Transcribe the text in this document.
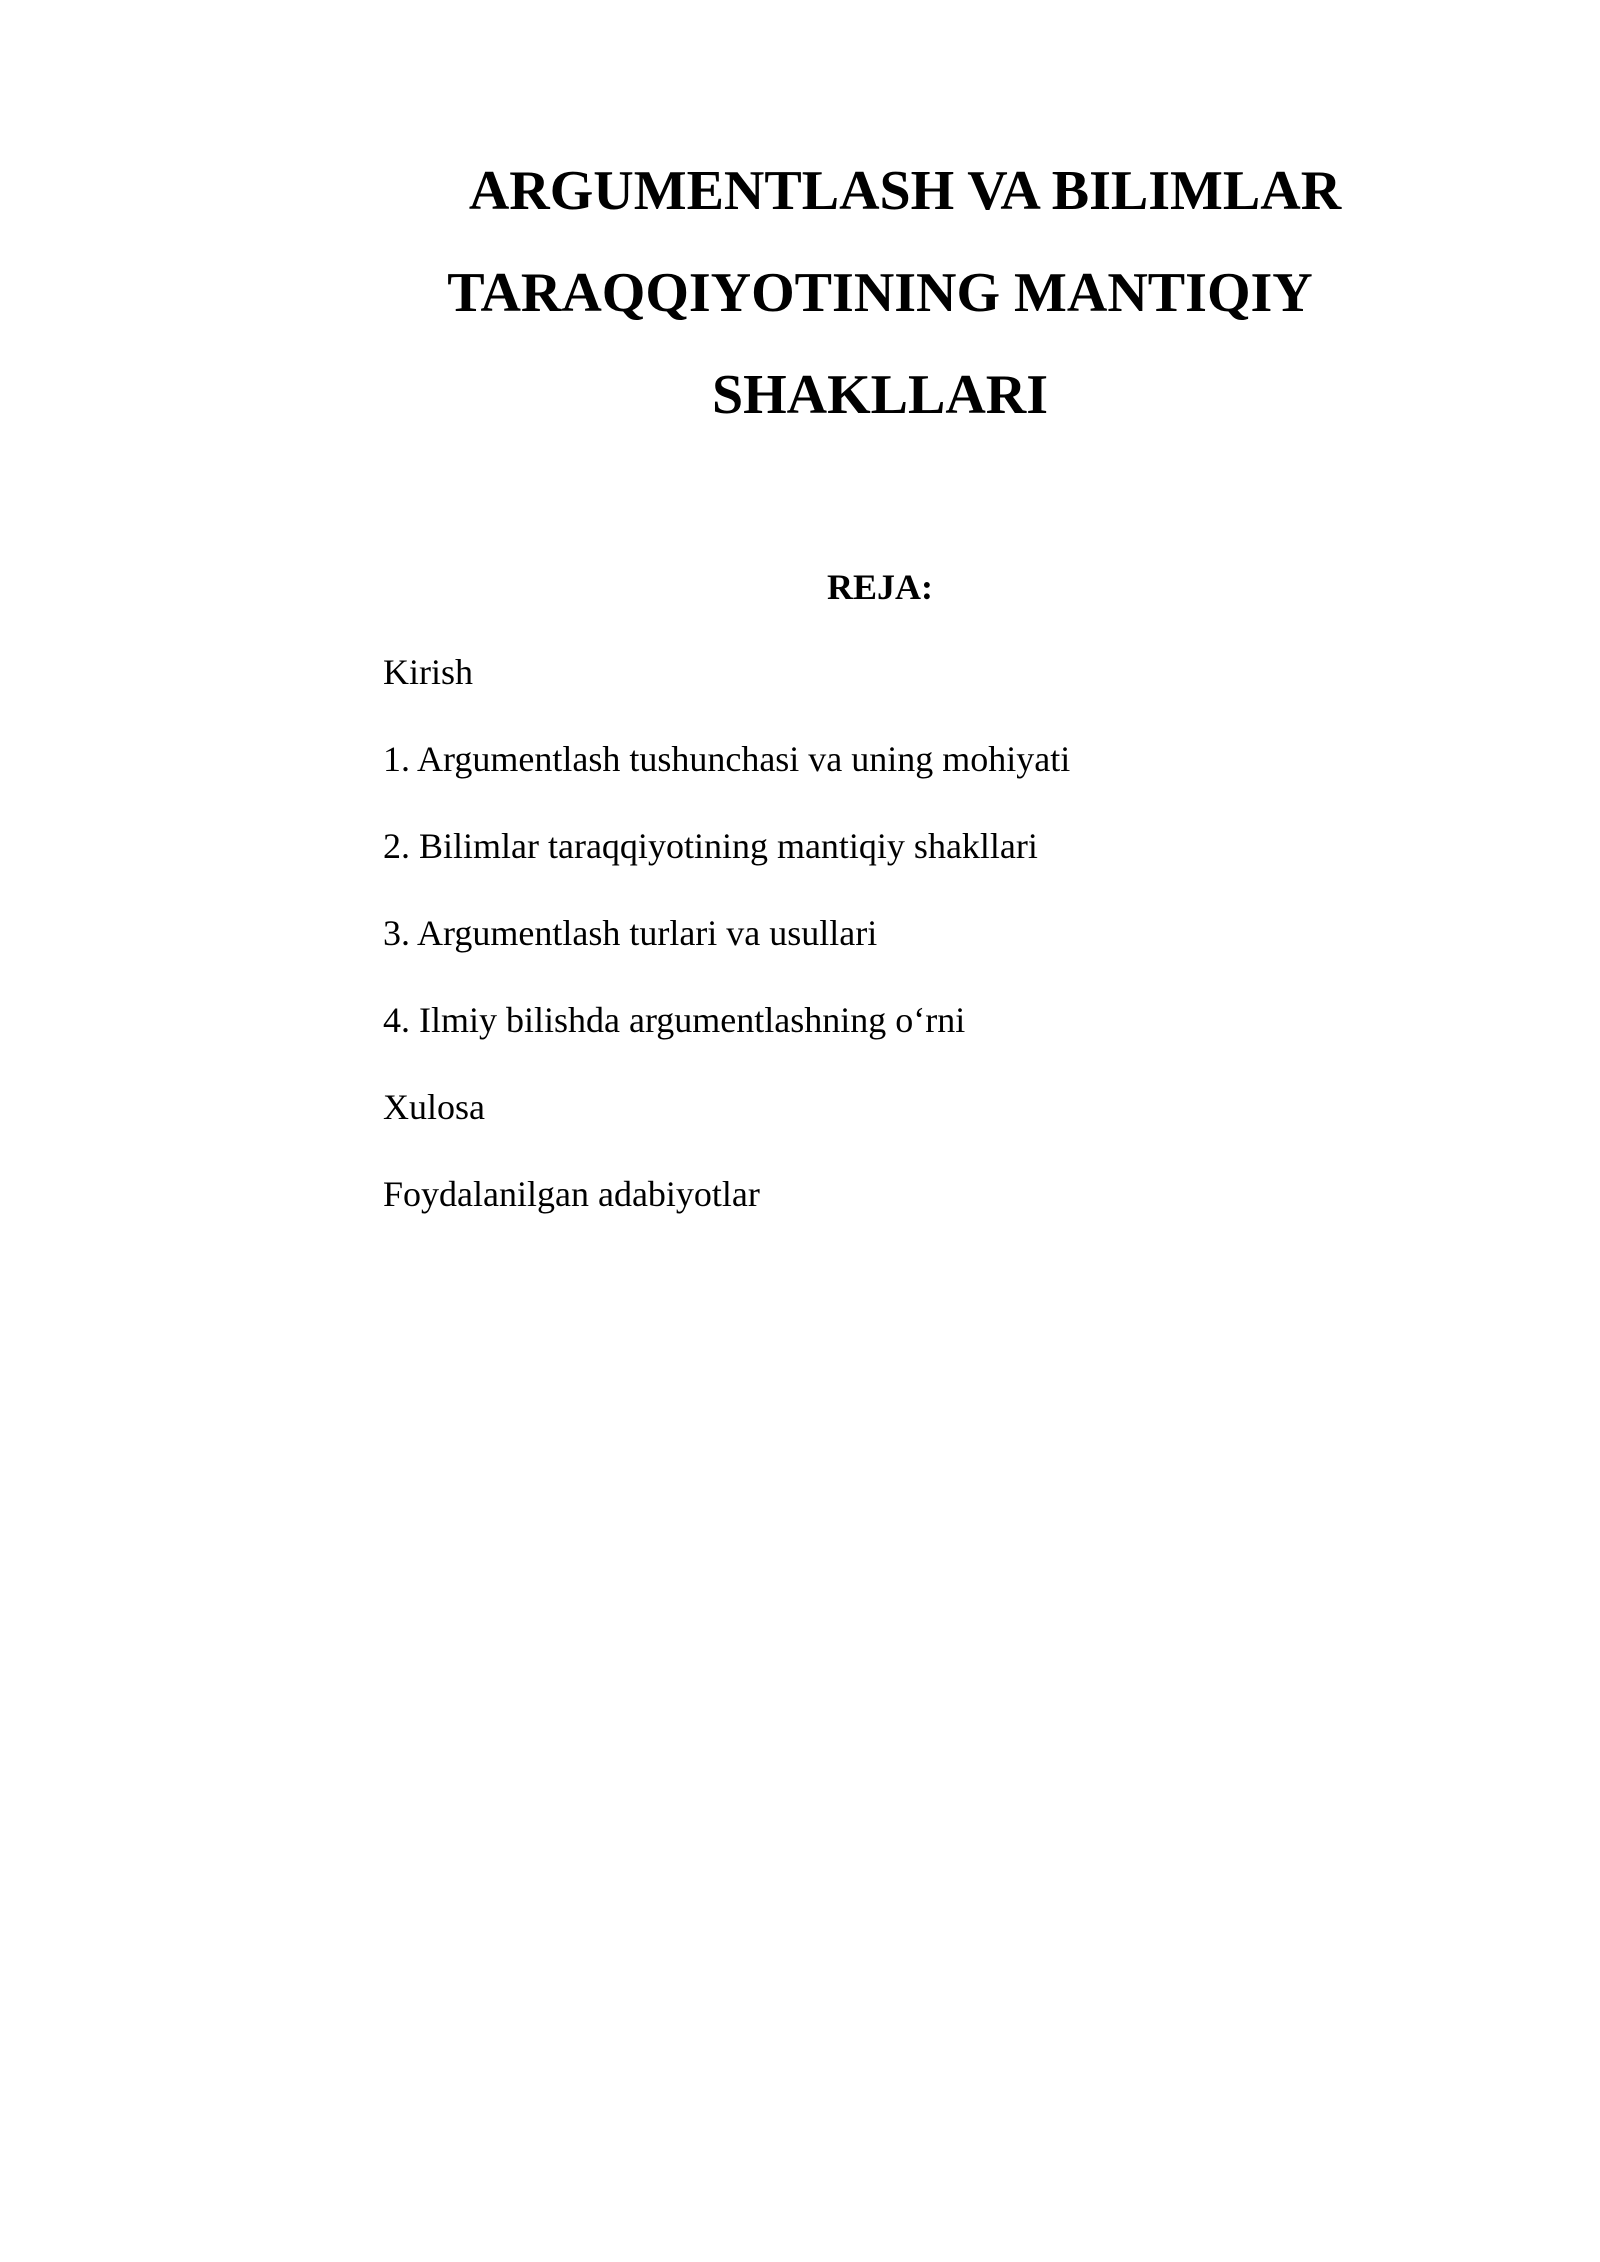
ARGUMENTLASH VA BILIMLAR
TARAQQIYOTINING MANTIQIY
SHAKLLARI
REJA:
Kirish
1. Argumentlash tushunchasi va uning mohiyati
2. Bilimlar taraqqiyotining mantiqiy shakllari
3. Argumentlash turlari va usullari
4. Ilmiy bilishda argumentlashning o‘rni
Xulosa
Foydalanilgan adabiyotlar
